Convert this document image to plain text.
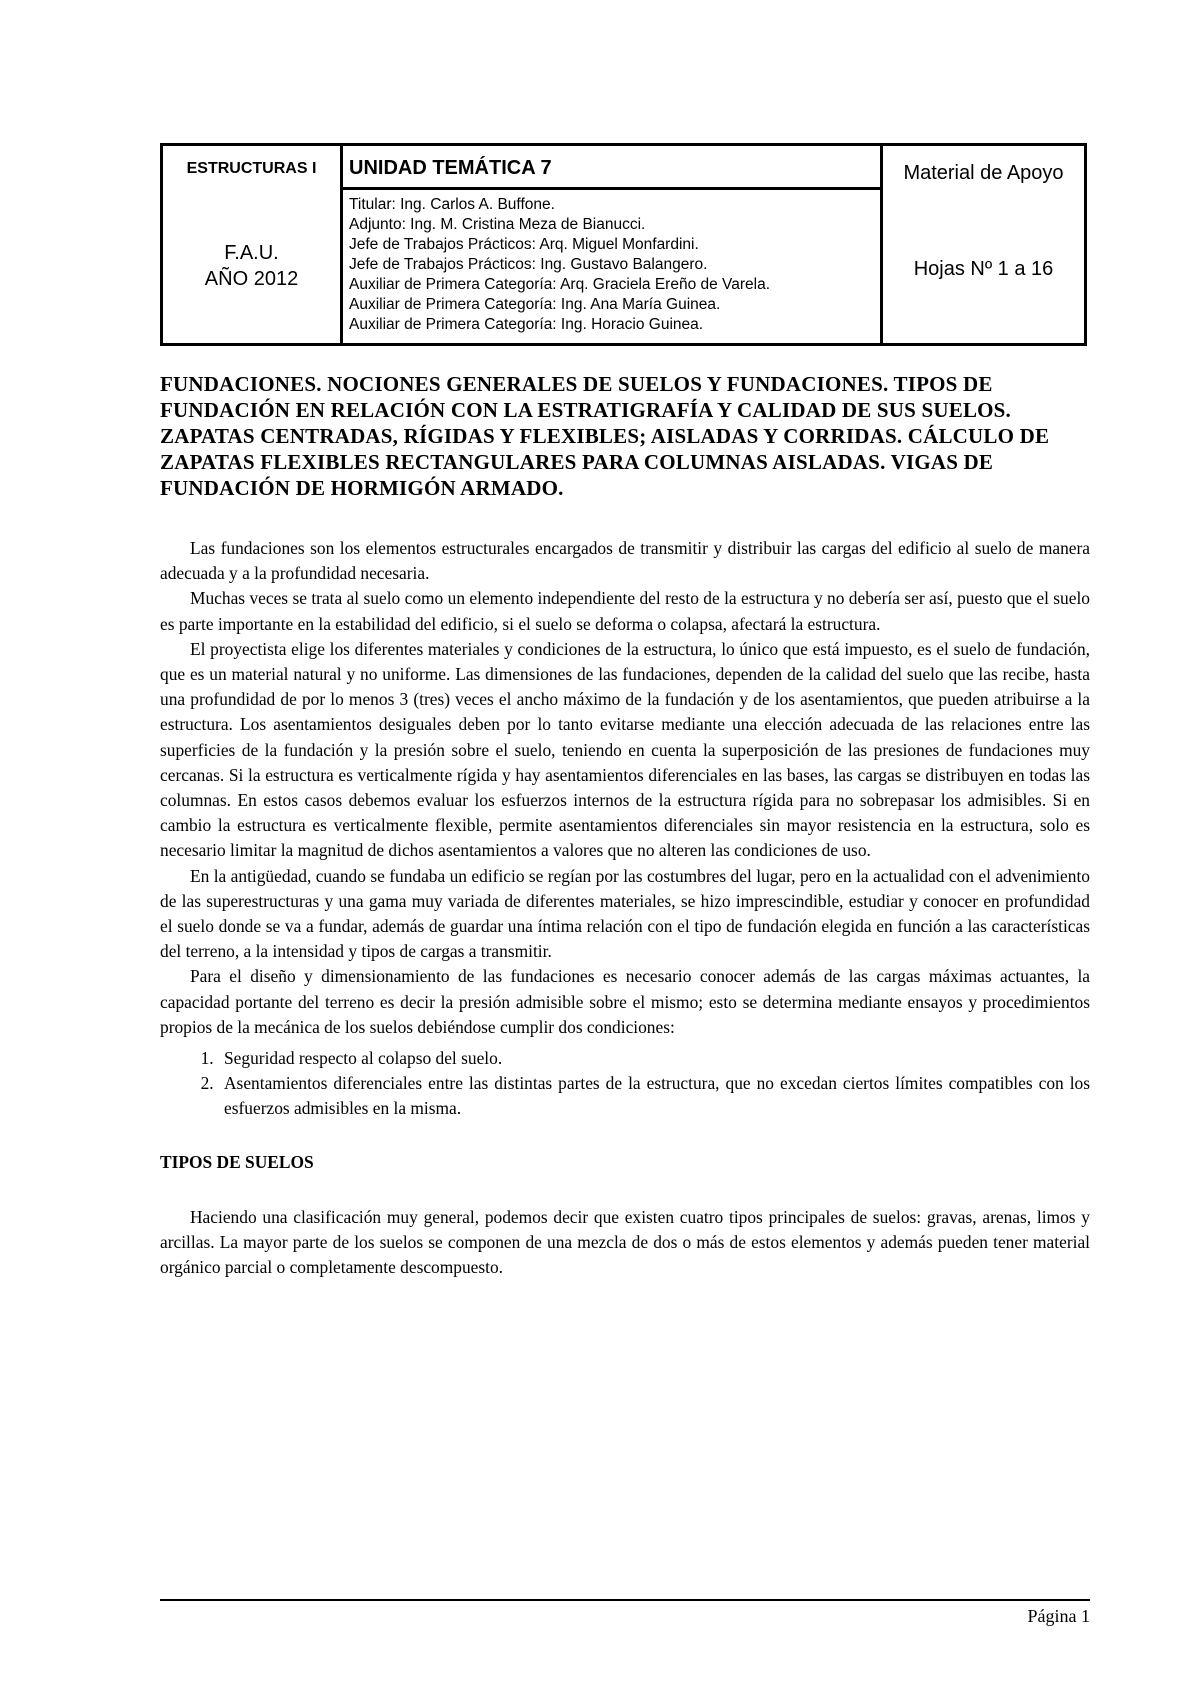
ESTRUCTURAS I
F.A.U.
AÑO 2012
UNIDAD TEMÁTICA 7
Titular: Ing. Carlos A. Buffone.
Adjunto: Ing. M. Cristina Meza de Bianucci.
Jefe de Trabajos Prácticos: Arq. Miguel Monfardini.
Jefe de Trabajos Prácticos: Ing. Gustavo Balangero.
Auxiliar de Primera Categoría: Arq. Graciela Ereño de Varela.
Auxiliar de Primera Categoría: Ing. Ana María Guinea.
Auxiliar de Primera Categoría: Ing. Horacio Guinea.
Material de Apoyo
Hojas Nº 1 a 16
FUNDACIONES. NOCIONES GENERALES DE SUELOS Y FUNDACIONES. TIPOS DE FUNDACIÓN EN RELACIÓN CON LA ESTRATIGRAFÍA Y CALIDAD DE SUS SUELOS. ZAPATAS CENTRADAS, RÍGIDAS Y FLEXIBLES; AISLADAS Y CORRIDAS. CÁLCULO DE ZAPATAS FLEXIBLES RECTANGULARES PARA COLUMNAS AISLADAS. VIGAS DE FUNDACIÓN DE HORMIGÓN ARMADO.

Las fundaciones son los elementos estructurales encargados de transmitir y distribuir las cargas del edificio al suelo de manera adecuada y a la profundidad necesaria.

Muchas veces se trata al suelo como un elemento independiente del resto de la estructura y no debería ser así, puesto que el suelo es parte importante en la estabilidad del edificio, si el suelo se deforma o colapsa, afectará la estructura.

El proyectista elige los diferentes materiales y condiciones de la estructura, lo único que está impuesto, es el suelo de fundación, que es un material natural y no uniforme. Las dimensiones de las fundaciones, dependen de la calidad del suelo que las recibe, hasta una profundidad de por lo menos 3 (tres) veces el ancho máximo de la fundación y de los asentamientos, que pueden atribuirse a la estructura. Los asentamientos desiguales deben por lo tanto evitarse mediante una elección adecuada de las relaciones entre las superficies de la fundación y la presión sobre el suelo, teniendo en cuenta la superposición de las presiones de fundaciones muy cercanas. Si la estructura es verticalmente rígida y hay asentamientos diferenciales en las bases, las cargas se distribuyen en todas las columnas. En estos casos debemos evaluar los esfuerzos internos de la estructura rígida para no sobrepasar los admisibles. Si en cambio la estructura es verticalmente flexible, permite asentamientos diferenciales sin mayor resistencia en la estructura, solo es necesario limitar la magnitud de dichos asentamientos a valores que no alteren las condiciones de uso.

En la antigüedad, cuando se fundaba un edificio se regían por las costumbres del lugar, pero en la actualidad con el advenimiento de las superestructuras y una gama muy variada de diferentes materiales, se hizo imprescindible, estudiar y conocer en profundidad el suelo donde se va a fundar, además de guardar una íntima relación con el tipo de fundación elegida en función a las características del terreno, a la intensidad y tipos de cargas a transmitir.

Para el diseño y dimensionamiento de las fundaciones es necesario conocer además de las cargas máximas actuantes, la capacidad portante del terreno es decir la presión admisible sobre el mismo; esto se determina mediante ensayos y procedimientos propios de la mecánica de los suelos debiéndose cumplir dos condiciones:

1. Seguridad respecto al colapso del suelo.
2. Asentamientos diferenciales entre las distintas partes de la estructura, que no excedan ciertos límites compatibles con los esfuerzos admisibles en la misma.
TIPOS DE SUELOS

Haciendo una clasificación muy general, podemos decir que existen cuatro tipos principales de suelos: gravas, arenas, limos y arcillas. La mayor parte de los suelos se componen de una mezcla de dos o más de estos elementos y además pueden tener material orgánico parcial o completamente descompuesto.

Página 1
